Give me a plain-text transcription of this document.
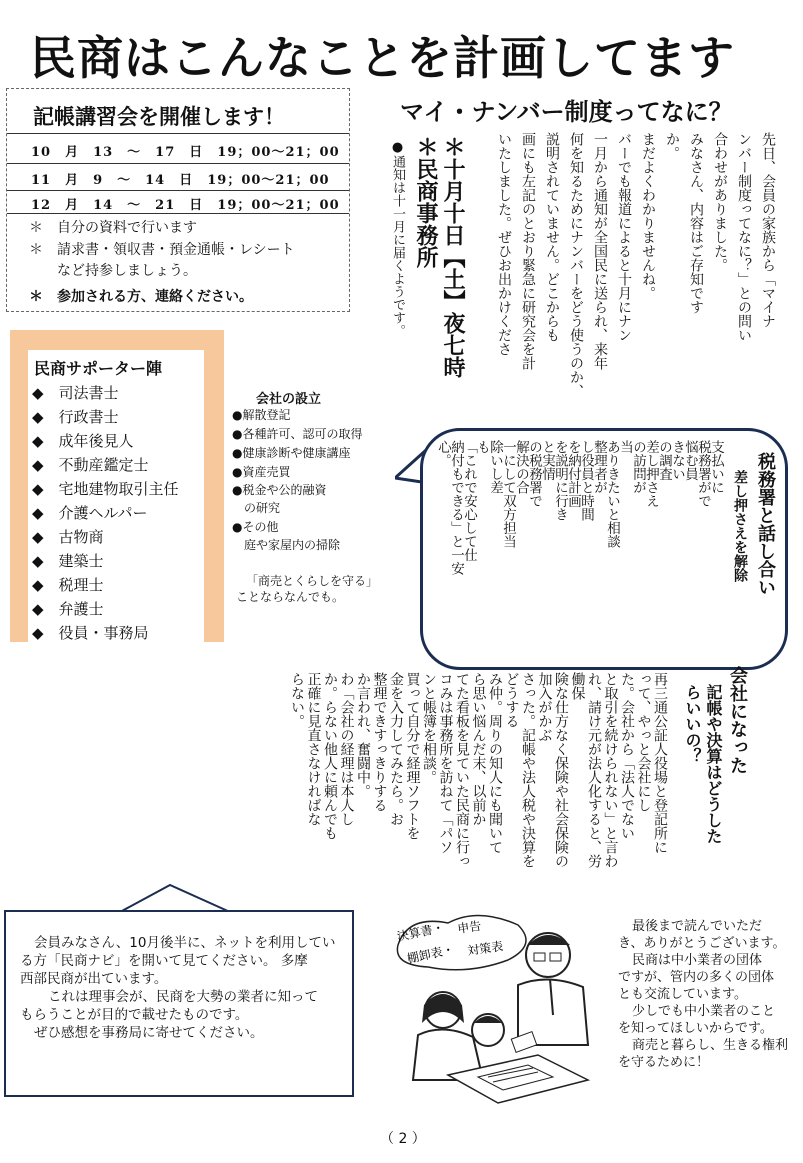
民商はこんなことを計画してます
記帳講習会を開催します！
10　月　13　～　17　日　19；00～21；00
11　月　9　～　14　日　19；00～21；00
12　月　14　～　21　日　19；00～21；00
＊　自分の資料で行います
＊　請求書・領収書・預金通帳・レシート
　　など持参しましょう。
＊　参加される方、連絡ください。
マイ・ナンバー制度ってなに？
●通知は十一月に届くようです。 ＊民商事務所 ＊十月十日【土】夜七時	先日、会員の家族から「マイナ
ンバー制度ってなに？」との問い
合わせがありました。
みなさん、内容はご存知です
か。
まだよくわかりませんね。
バーでも報道によると十月にナン
一月から通知が全国民に送られ、来年
何を知るためにナンバーをどう使うのか、
説明されていません。どこからも
画にも左記のとおり緊急に研究会を計
いたしました。ぜひお出かけくださ
民商サポーター陣
◆　司法書士
◆　行政書士
◆　成年後見人
◆　不動産鑑定士
◆　宅地建物取引主任
◆　介護ヘルパー
◆　古物商
◆　建築士
◆　税理士
◆　弁護士
◆　役員・事務局
会社の設立
●解散登記
●各種許可、認可の取得
●健康診断や健康講座
●資産売買
●税金や公的融資
　の研究
●その他
　庭や家屋内の掃除
「商売とくらしを守る」
ことならなんでも。
税務署と話し合い
差し押さえを解除
支払いに
税務署がで
悩む員
きない
の調査
差し押さえ
の訪問が
当
ありきたいと相談
整理者が
し役員と時間
を納付計画
を説明に行き
と実情
の税務署で
解決の合
一にして双方担当
除いし差
も
「これで安心して仕
納付もできる」と一安
心。
会社になった
記帳や決算はどうした
らいいの？
再三通公証人役場と登記所に
って、やっと会社にし
た。会社から「法人でない
と取引を続けられない」と言わ
れ、請け元が法人化すると、労働保
険な仕方なく保険や社会保険の加入がかぶ
さった。記帳や法人税や決算をどうする
み仲。周りの知人にも聞いて
ら思い悩んだ末、以前か
てた看板を見ていた民商に行っ
コみは事務所を訪ねて「パソ
ンと帳簿を相談。
買って自分で経理ソフトを
金を入力してみたら。お
整理できすっきりする
か言われ、奮闘中。
わ「会社の経理は本人し
か。らない他人に頼んでも
正確に見直さなければな
らない。

会員みなさん、10月後半に、ネットを利用してい

る方「民商ナビ」を開いて見てください。 多摩

西部民商が出ています。

これは理事会が、民商を大勢の業者に知って

もらうことが目的で載せたものです。

ぜひ感想を事務局に寄せてください。

決算書・ 申告
棚卸表・ 対策表

最後まで読んでいただ

き、ありがとうございます。

民商は中小業者の団体

ですが、管内の多くの団体

とも交流しています。

少しでも中小業者のこと

を知ってほしいからです。

商売と暮らし、生きる権利

を守るために！

（ 2 ）
